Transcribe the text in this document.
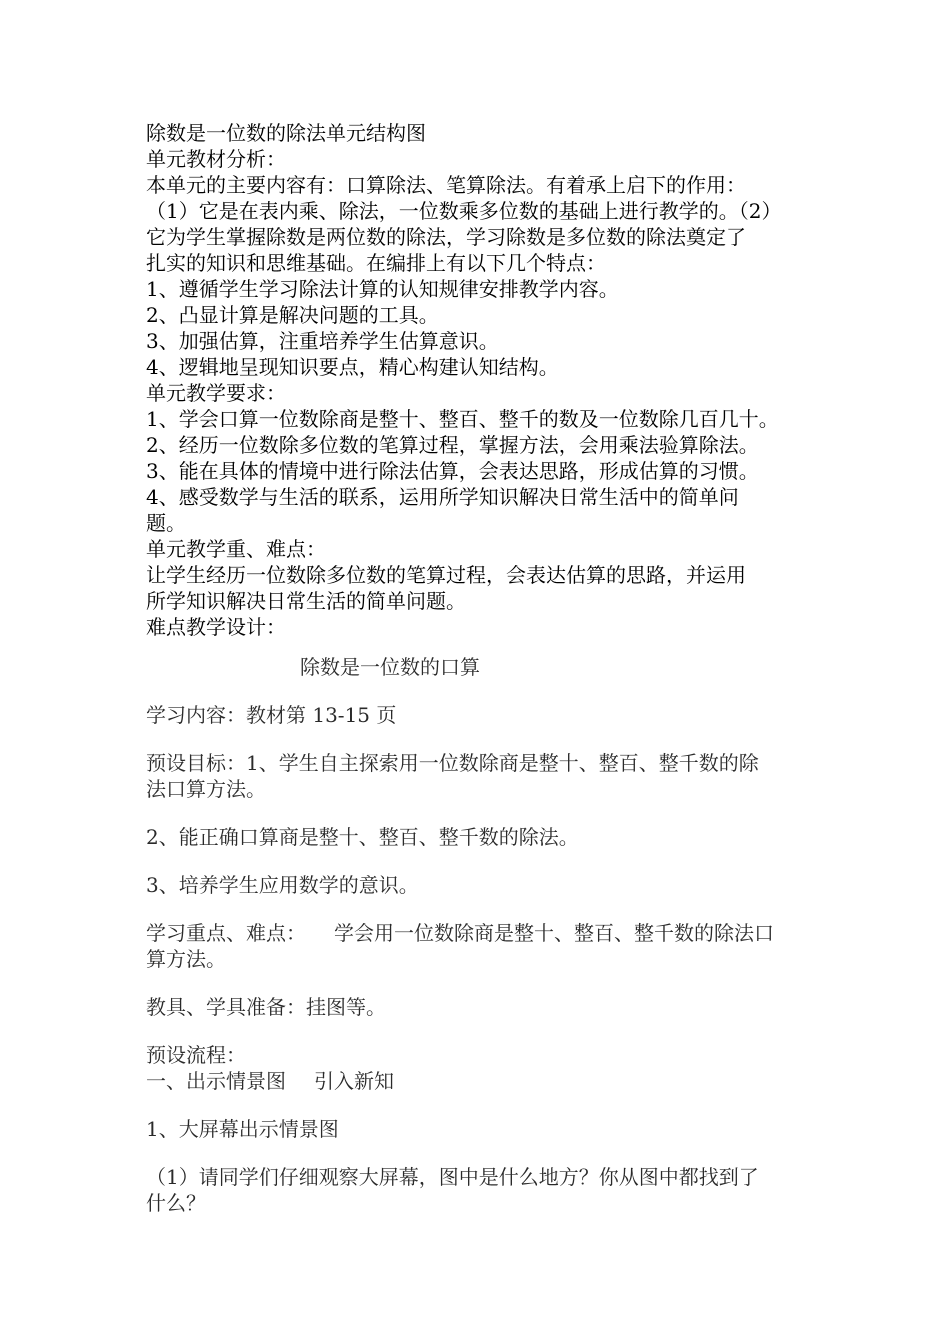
除数是一位数的除法单元结构图

单元教材分析：

本单元的主要内容有：口算除法、笔算除法。有着承上启下的作用：

（1）它是在表内乘、除法，一位数乘多位数的基础上进行教学的。（2）

它为学生掌握除数是两位数的除法，学习除数是多位数的除法奠定了

扎实的知识和思维基础。在编排上有以下几个特点：

1、遵循学生学习除法计算的认知规律安排教学内容。

2、凸显计算是解决问题的工具。

3、加强估算，注重培养学生估算意识。

4、逻辑地呈现知识要点，精心构建认知结构。

单元教学要求：

1、学会口算一位数除商是整十、整百、整千的数及一位数除几百几十。

2、经历一位数除多位数的笔算过程，掌握方法，会用乘法验算除法。

3、能在具体的情境中进行除法估算，会表达思路，形成估算的习惯。

4、感受数学与生活的联系，运用所学知识解决日常生活中的简单问

题。

单元教学重、难点：

让学生经历一位数除多位数的笔算过程，会表达估算的思路，并运用

所学知识解决日常生活的简单问题。

难点教学设计：

除数是一位数的口算

学习内容：教材第 13-15 页

预设目标：1、学生自主探索用一位数除商是整十、整百、整千数的除

法口算方法。

2、能正确口算商是整十、整百、整千数的除法。

3、培养学生应用数学的意识。

学习重点、难点： 学会用一位数除商是整十、整百、整千数的除法口

算方法。

教具、学具准备：挂图等。

预设流程：

一、出示情景图 引入新知

1、大屏幕出示情景图

（1）请同学们仔细观察大屏幕，图中是什么地方？你从图中都找到了

什么？
